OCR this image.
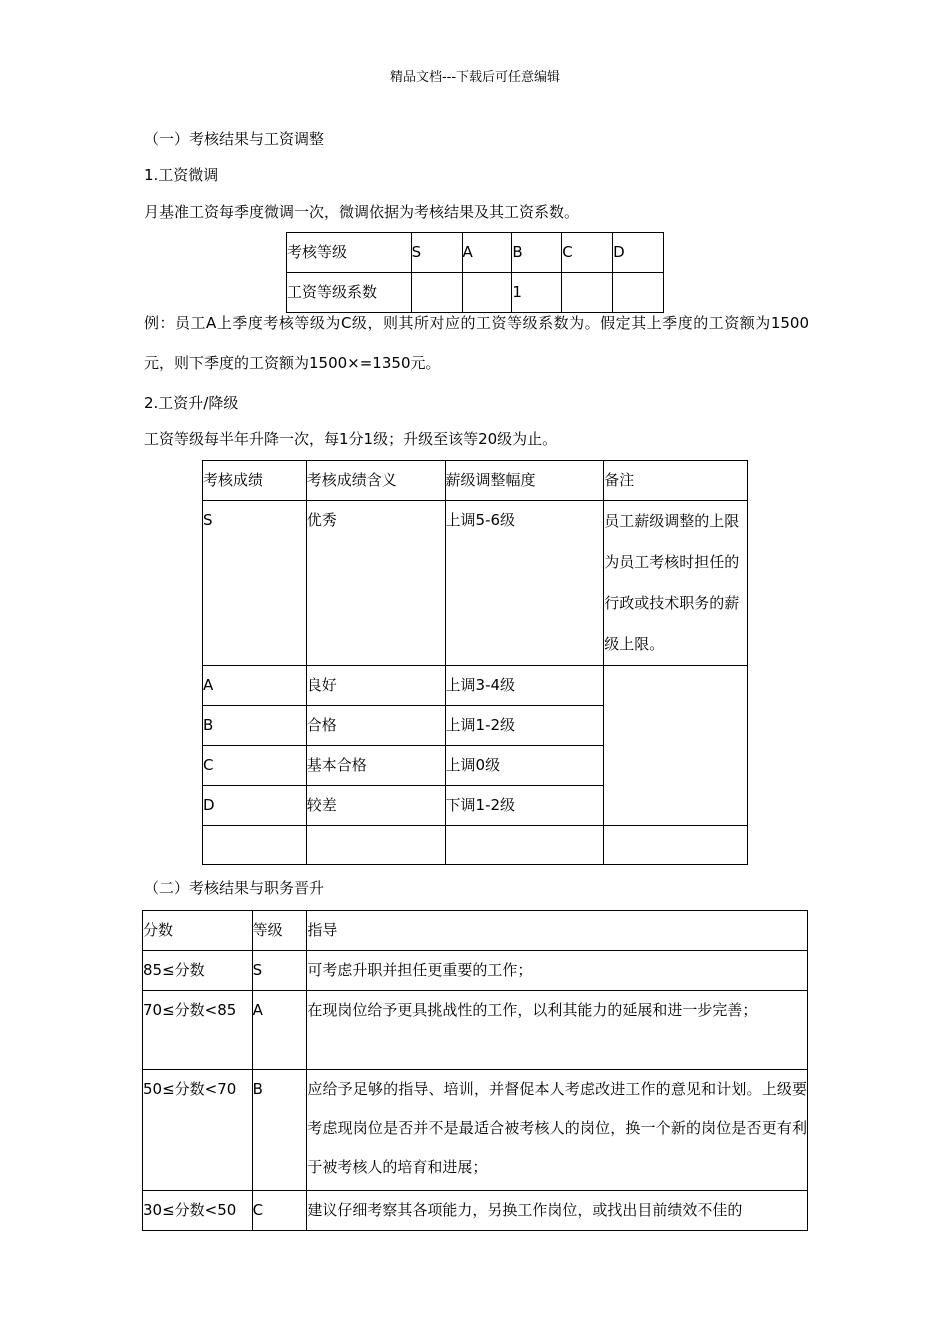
精品文档---下载后可任意编辑
（一）考核结果与工资调整
1.工资微调
月基准工资每季度微调一次，微调依据为考核结果及其工资系数。
考核等级	S	A	B	C	D
工资等级系数			1		
例：员工A上季度考核等级为C级，则其所对应的工资等级系数为。假定其上季度的工资额为1500元，则下季度的工资额为1500×=1350元。
2.工资升/降级
工资等级每半年升降一次，每1分1级；升级至该等20级为止。
考核成绩	考核成绩含义	薪级调整幅度	备注
S	优秀	上调5-6级	员工薪级调整的上限为员工考核时担任的行政或技术职务的薪级上限。
A	良好	上调3-4级	
B	合格	上调1-2级	
C	基本合格	上调0级	
D	较差	下调1-2级	

（二）考核结果与职务晋升
分数	等级	指导
85≤分数	S	可考虑升职并担任更重要的工作；
70≤分数<85	A	在现岗位给予更具挑战性的工作，以利其能力的延展和进一步完善；
50≤分数<70	B	应给予足够的指导、培训，并督促本人考虑改进工作的意见和计划。上级要考虑现岗位是否并不是最适合被考核人的岗位，换一个新的岗位是否更有利于被考核人的培育和进展；
30≤分数<50	C	建议仔细考察其各项能力，另换工作岗位，或找出目前绩效不佳的
